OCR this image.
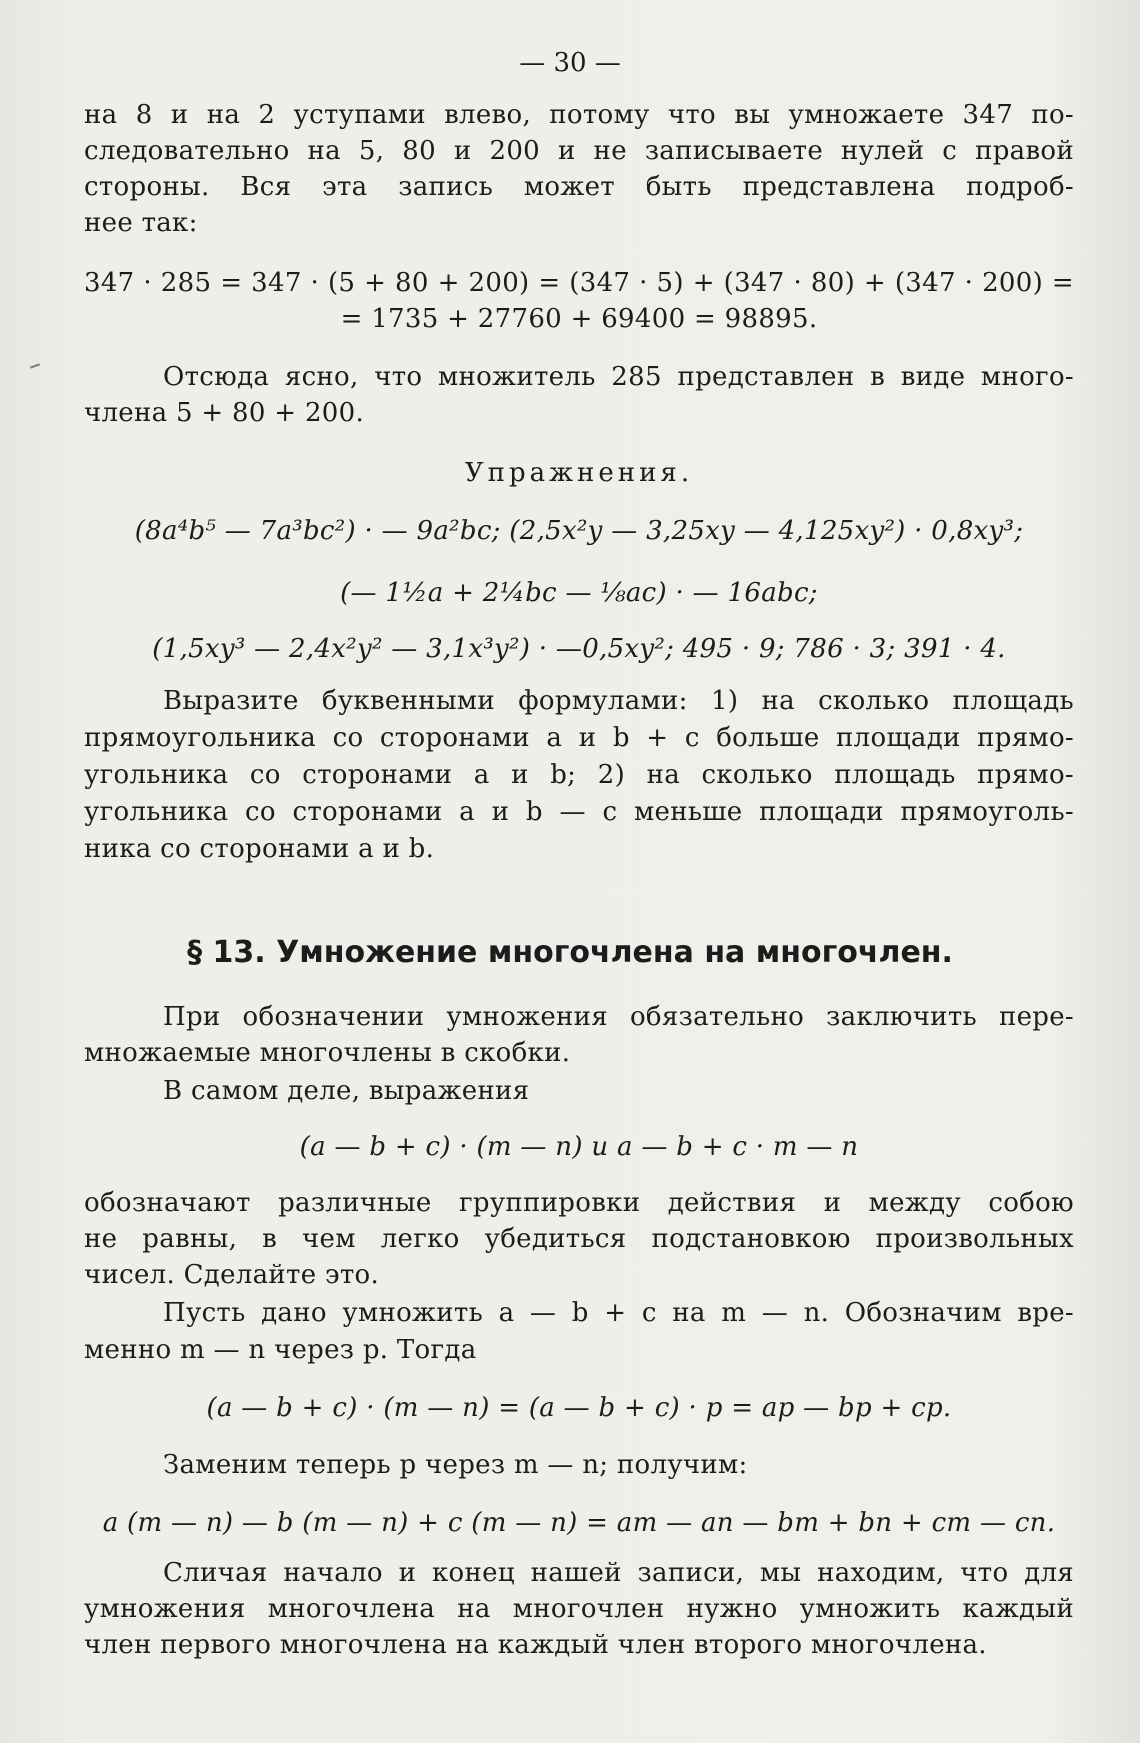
— 30 —
на 8 и на 2 уступами влево, потому что вы умножаете 347 по-
следовательно на 5, 80 и 200 и не записываете нулей с правой
стороны. Вся эта запись может быть представлена подроб-
нее так:
347 · 285 = 347 · (5 + 80 + 200) = (347 · 5) + (347 · 80) + (347 · 200) =
= 1735 + 27760 + 69400 = 98895.
Отсюда ясно, что множитель 285 представлен в виде много-
члена 5 + 80 + 200.
Упражнения.
(8a⁴b⁵ — 7a³bc²) · — 9a²bc; (2,5x²y — 3,25xy — 4,125xy²) · 0,8xy³;
(— 1½a + 2¼bc — ⅛ac) · — 16abc;
(1,5xy³ — 2,4x²y² — 3,1x³y²) · —0,5xy²; 495 · 9; 786 · 3; 391 · 4.
Выразите буквенными формулами: 1) на сколько площадь
прямоугольника со сторонами a и b + c больше площади прямо-
угольника со сторонами a и b; 2) на сколько площадь прямо-
угольника со сторонами a и b — c меньше площади прямоуголь-
ника со сторонами a и b.
§ 13. Умножение многочлена на многочлен.
При обозначении умножения обязательно заключить пере-
множаемые многочлены в скобки.
В самом деле, выражения
(a — b + c) · (m — n) и a — b + c · m — n
обозначают различные группировки действия и между собою
не равны, в чем легко убедиться подстановкою произвольных
чисел. Сделайте это.
Пусть дано умножить a — b + c на m — n. Обозначим вре-
менно m — n через p. Тогда
(a — b + c) · (m — n) = (a — b + c) · p = ap — bp + cp.
Заменим теперь p через m — n; получим:
a (m — n) — b (m — n) + c (m — n) = am — an — bm + bn + cm — cn.
Сличая начало и конец нашей записи, мы находим, что для
умножения многочлена на многочлен нужно умножить каждый
член первого многочлена на каждый член второго многочлена.
